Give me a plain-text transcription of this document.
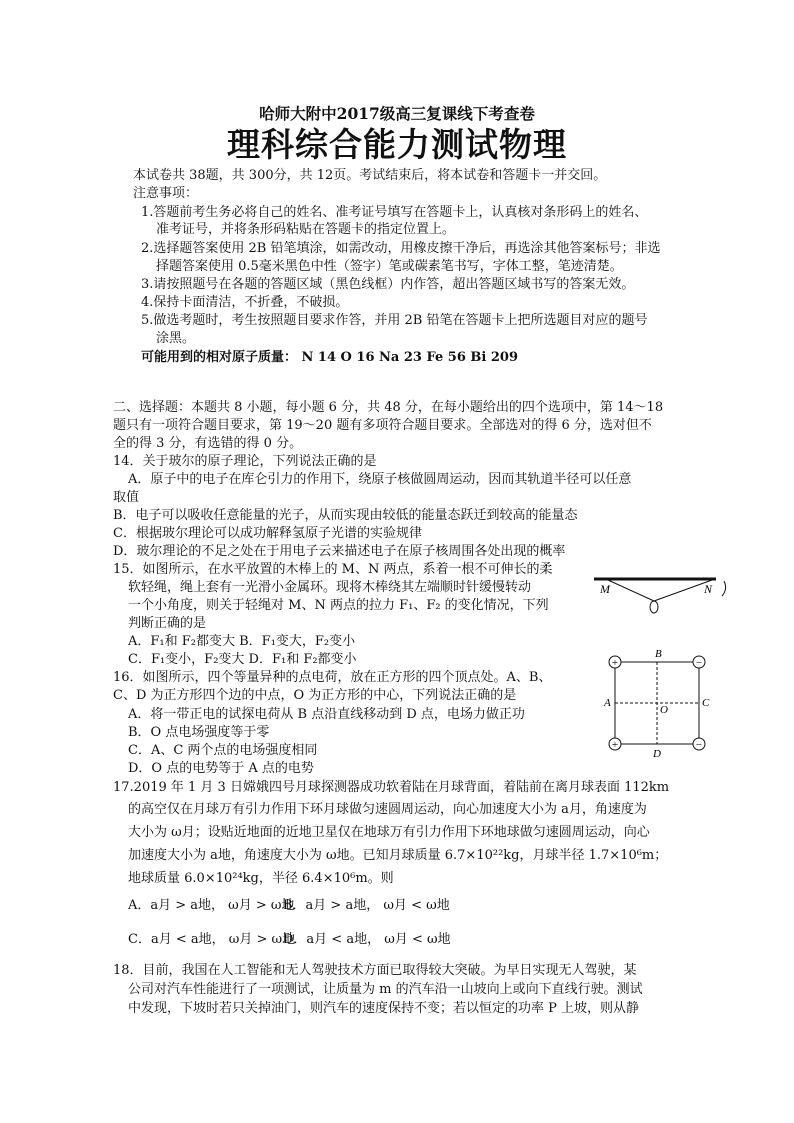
哈师大附中2017级高三复课线下考查卷
理科综合能力测试物理
本试卷共 38题，共 300分，共 12页。考试结束后，将本试卷和答题卡一并交回。
注意事项：
1.答题前考生务必将自己的姓名、准考证号填写在答题卡上，认真核对条形码上的姓名、
准考证号，并将条形码粘贴在答题卡的指定位置上。
2.选择题答案使用 2B 铅笔填涂，如需改动，用橡皮擦干净后，再选涂其他答案标号；非选
择题答案使用 0.5毫米黑色中性（签字）笔或碳素笔书写，字体工整，笔迹清楚。
3.请按照题号在各题的答题区域（黑色线框）内作答，超出答题区域书写的答案无效。
4.保持卡面清洁，不折叠，不破损。
5.做选考题时，考生按照题目要求作答，并用 2B 铅笔在答题卡上把所选题目对应的题号
涂黑。
可能用到的相对原子质量： N 14 O 16 Na 23 Fe 56 Bi 209
二、选择题：本题共 8 小题，每小题 6 分，共 48 分，在每小题给出的四个选项中，第 14～18
题只有一项符合题目要求，第 19～20 题有多项符合题目要求。全部选对的得 6 分，选对但不
全的得 3 分，有选错的得 0 分。
14．关于玻尔的原子理论，下列说法正确的是
A．原子中的电子在库仑引力的作用下，绕原子核做圆周运动，因而其轨道半径可以任意
取值
B．电子可以吸收任意能量的光子，从而实现由较低的能量态跃迁到较高的能量态
C．根据玻尔理论可以成功解释氢原子光谱的实验规律
D．玻尔理论的不足之处在于用电子云来描述电子在原子核周围各处出现的概率
15．如图所示，在水平放置的木棒上的 M、N 两点，系着一根不可伸长的柔
软轻绳，绳上套有一光滑小金属环。现将木棒绕其左端顺时针缓慢转动
一个小角度，则关于轻绳对 M、N 两点的拉力 F₁、F₂ 的变化情况，下列
判断正确的是
A．F₁和 F₂都变大 B．F₁变大，F₂变小
C．F₁变小，F₂变大 D．F₁和 F₂都变小
M	N
16．如图所示，四个等量异种的点电荷，放在正方形的四个顶点处。A、B、
C、D 为正方形四个边的中点，O 为正方形的中心，下列说法正确的是
A．将一带正电的试探电荷从 B 点沿直线移动到 D 点，电场力做正功
B．O 点电场强度等于零
C．A、C 两个点的电场强度相同
D．O 点的电势等于 A 点的电势
+	−
+	−
B
A	C
O
D
17.2019 年 1 月 3 日嫦娥四号月球探测器成功软着陆在月球背面，着陆前在离月球表面 112km
的高空仅在月球万有引力作用下环月球做匀速圆周运动，向心加速度大小为 a月，角速度为
大小为 ω月；设贴近地面的近地卫星仅在地球万有引力作用下环地球做匀速圆周运动，向心
加速度大小为 a地，角速度大小为 ω地。已知月球质量 6.7×10²²kg，月球半径 1.7×10⁶m；
地球质量 6.0×10²⁴kg，半径 6.4×10⁶m。则
A．a月 > a地， ω月 > ω地
B．a月 > a地， ω月 < ω地
C．a月 < a地， ω月 > ω地
D．a月 < a地， ω月 < ω地
18．目前，我国在人工智能和无人驾驶技术方面已取得较大突破。为早日实现无人驾驶，某
公司对汽车性能进行了一项测试，让质量为 m 的汽车沿一山坡向上或向下直线行驶。测试
中发现，下坡时若只关掉油门，则汽车的速度保持不变；若以恒定的功率 P 上坡，则从静
